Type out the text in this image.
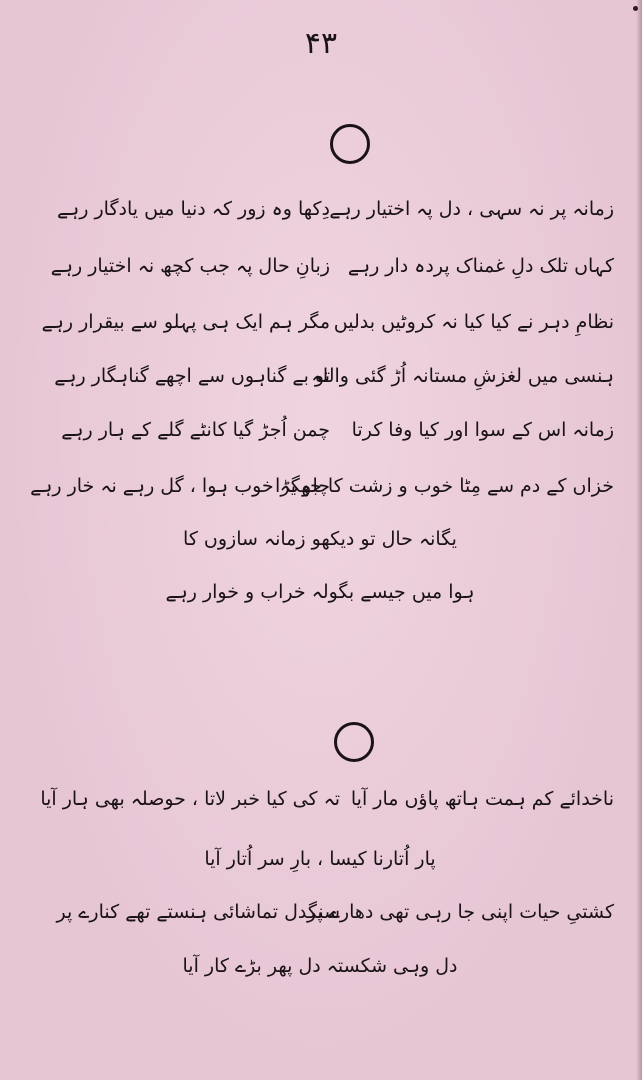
۴۳
زمانہ پر نہ سہی ، دل پہ اختیار رہے
دِکھا وہ زور کہ دنیا میں یادگار رہے
کہاں تلک دلِ غمناک پردہ دار رہے
زبانِ حال پہ جب کچھ نہ اختیار رہے
نظامِ دہر نے کیا کیا نہ کروٹیں بدلیں
مگر ہم ایک ہی پہلو سے بیقرار رہے
ہنسی میں لغزشِ مستانہ اُڑ گئی واللہ
تو بے گناہوں سے اچھے گناہگار رہے
زمانہ اس کے سوا اور کیا وفا کرتا
چمن اُجڑ گیا کانٹے گلے کے ہار رہے
خزاں کے دم سے مِٹا خوب و زشت کا جھگڑا
چلو یہ خوب ہوا ، گل رہے نہ خار رہے
یگانہ حال تو دیکھو زمانہ سازوں کا
ہوا میں جیسے بگولہ خراب و خوار رہے
ناخدائے کم ہمت ہاتھ پاؤں مار آیا
تہ کی کیا خبر لاتا ، حوصلہ بھی ہار آیا
پار اُتارنا کیسا ، بارِ سر اُتار آیا
کشتیِ حیات اپنی جا رہی تھی دھارے پر
سنگدل تماشائی ہنستے تھے کنارے پر
دل وہی شکستہ دل پھر بڑے کار آیا
